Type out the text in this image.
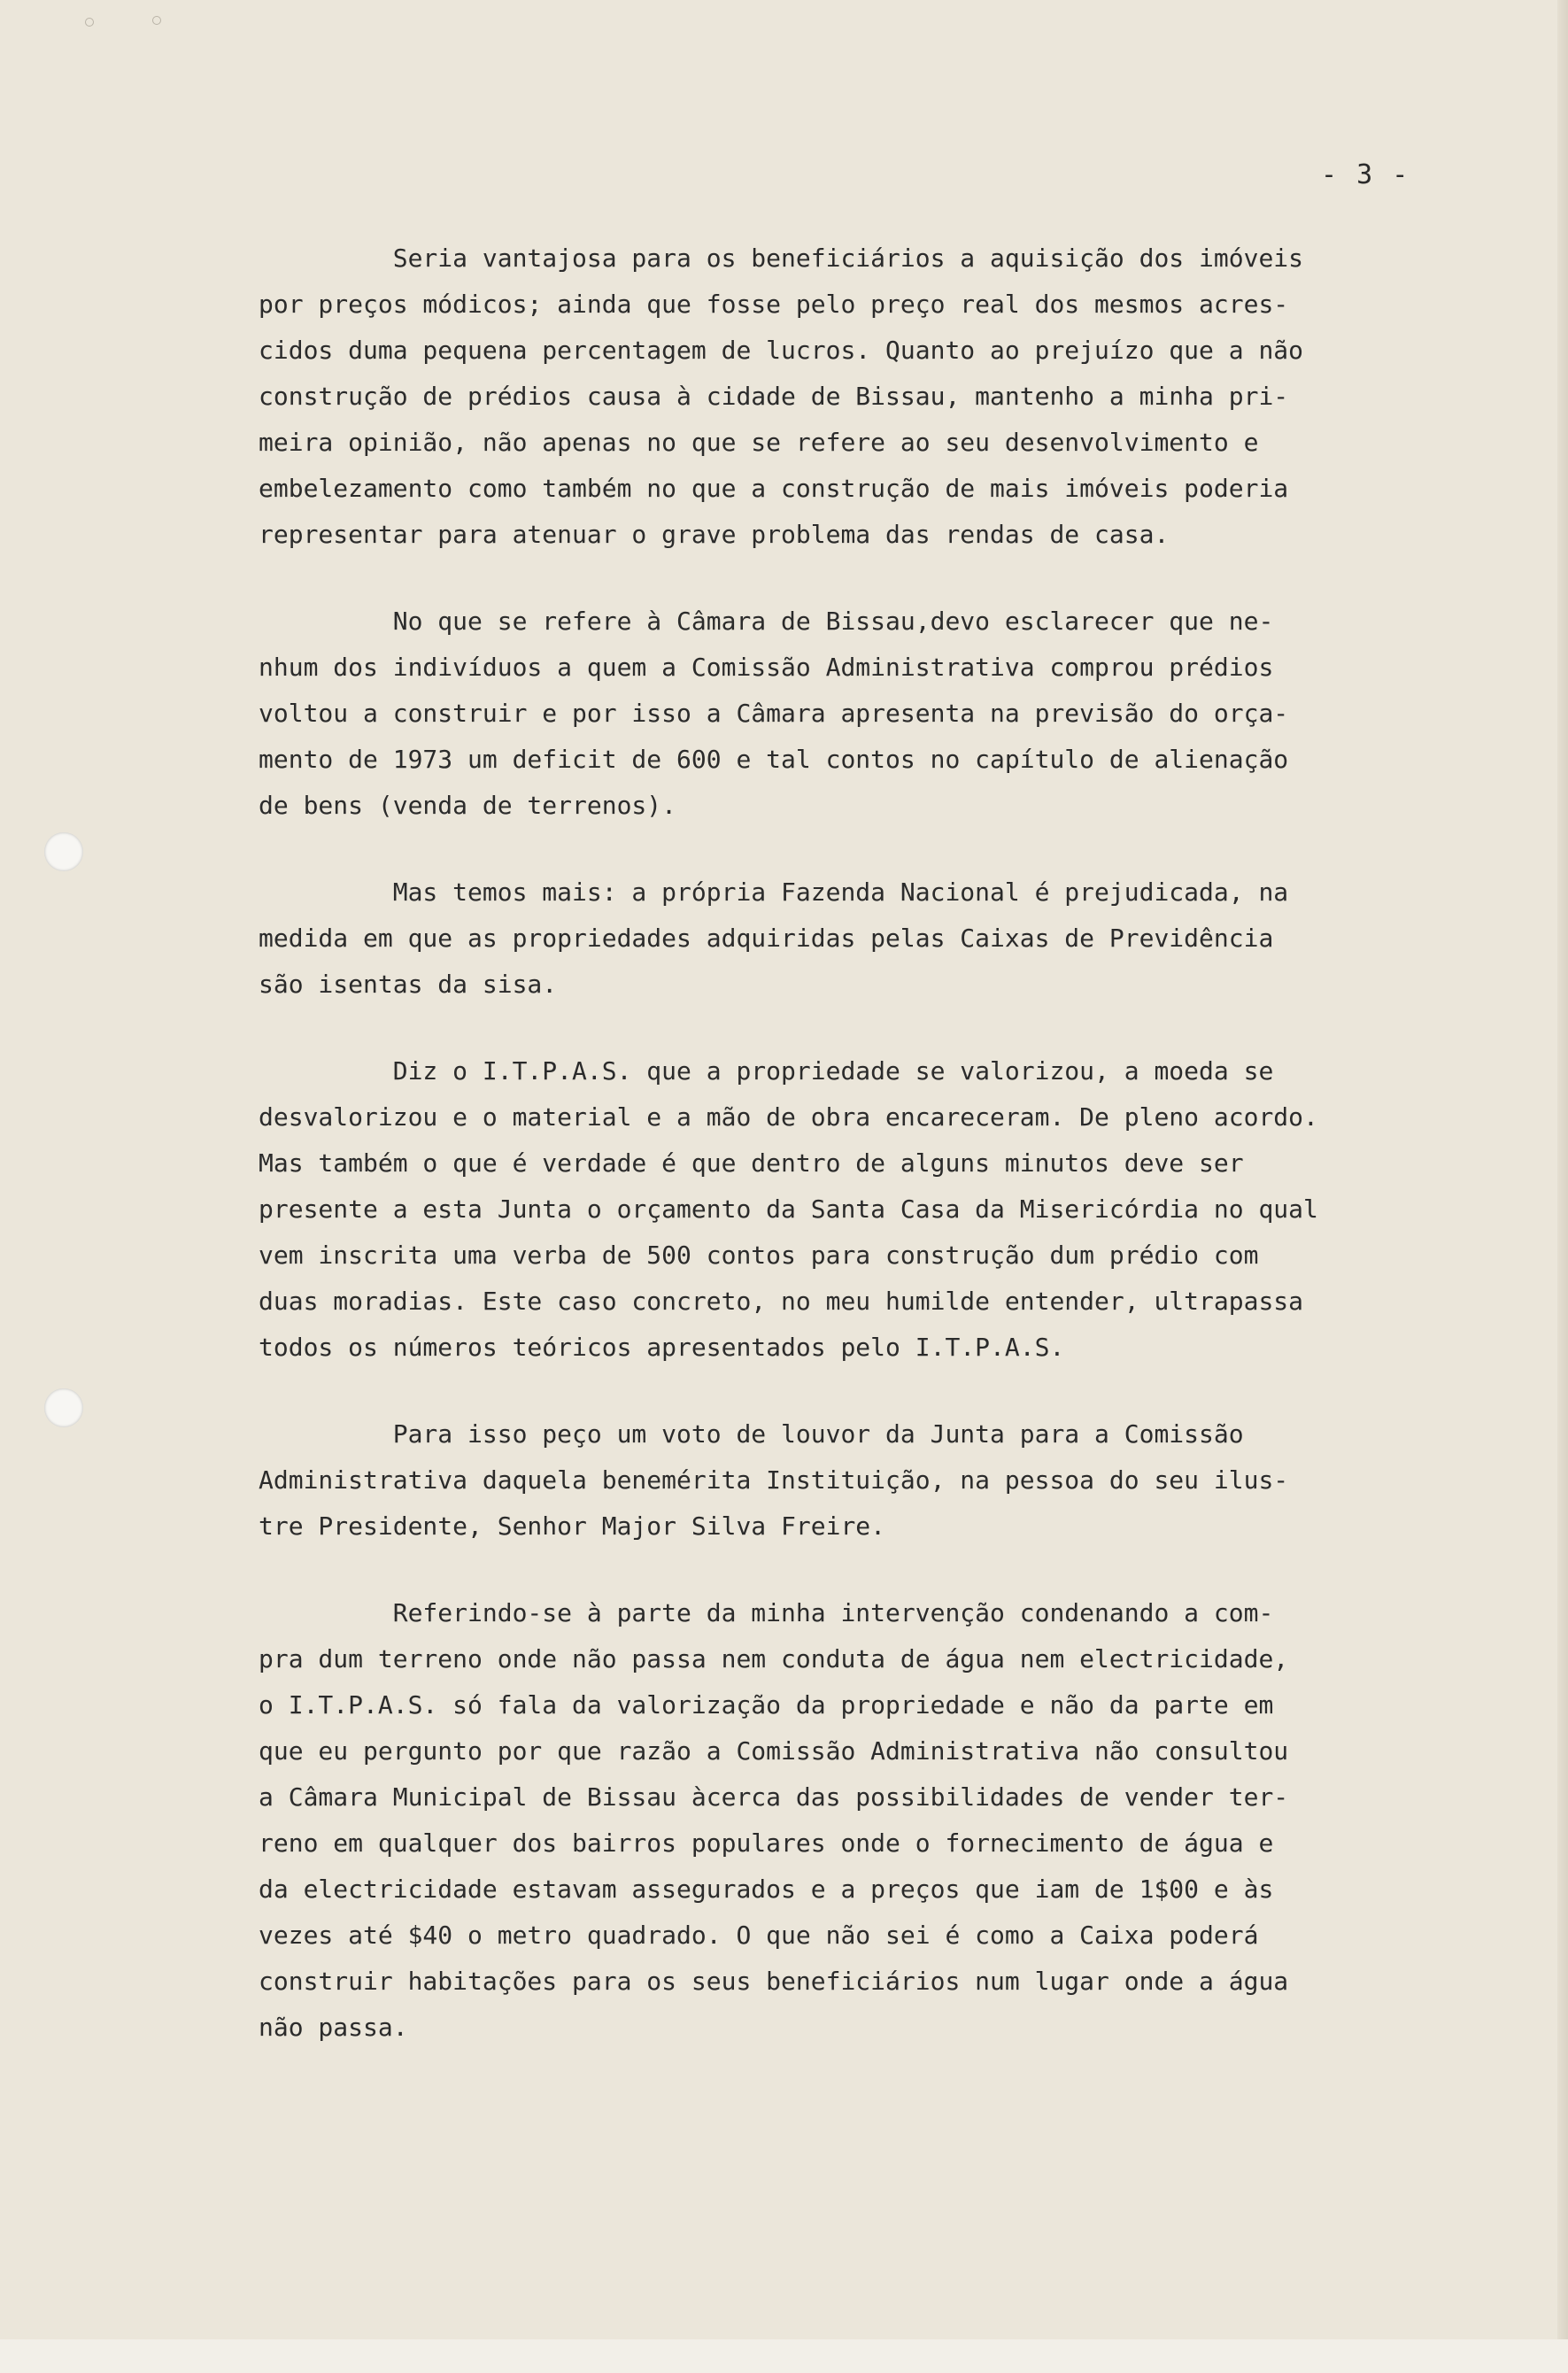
- 3 -
Seria vantajosa para os beneficiários a aquisição dos imóveis
por preços módicos; ainda que fosse pelo preço real dos mesmos acres-
cidos duma pequena percentagem de lucros. Quanto ao prejuízo que a não
construção de prédios causa à cidade de Bissau, mantenho a minha pri-
meira opinião, não apenas no que se refere ao seu desenvolvimento e
embelezamento como também no que a construção de mais imóveis poderia
representar para atenuar o grave problema das rendas de casa.
No que se refere à Câmara de Bissau,devo esclarecer que ne-
nhum dos indivíduos a quem a Comissão Administrativa comprou prédios
voltou a construir e por isso a Câmara apresenta na previsão do orça-
mento de 1973 um deficit de 600 e tal contos no capítulo de alienação
de bens (venda de terrenos).
Mas temos mais: a própria Fazenda Nacional é prejudicada, na
medida em que as propriedades adquiridas pelas Caixas de Previdência
são isentas da sisa.
Diz o I.T.P.A.S. que a propriedade se valorizou, a moeda se
desvalorizou e o material e a mão de obra encareceram. De pleno acordo.
Mas também o que é verdade é que dentro de alguns minutos deve ser
presente a esta Junta o orçamento da Santa Casa da Misericórdia no qual
vem inscrita uma verba de 500 contos para construção dum prédio com
duas moradias. Este caso concreto, no meu humilde entender, ultrapassa
todos os números teóricos apresentados pelo I.T.P.A.S.
Para isso peço um voto de louvor da Junta para a Comissão
Administrativa daquela benemérita Instituição, na pessoa do seu ilus-
tre Presidente, Senhor Major Silva Freire.
Referindo-se à parte da minha intervenção condenando a com-
pra dum terreno onde não passa nem conduta de água nem electricidade,
o I.T.P.A.S. só fala da valorização da propriedade e não da parte em
que eu pergunto por que razão a Comissão Administrativa não consultou
a Câmara Municipal de Bissau àcerca das possibilidades de vender ter-
reno em qualquer dos bairros populares onde o fornecimento de água e
da electricidade estavam assegurados e a preços que iam de 1$00 e às
vezes até $40 o metro quadrado. O que não sei é como a Caixa poderá
construir habitações para os seus beneficiários num lugar onde a água
não passa.
